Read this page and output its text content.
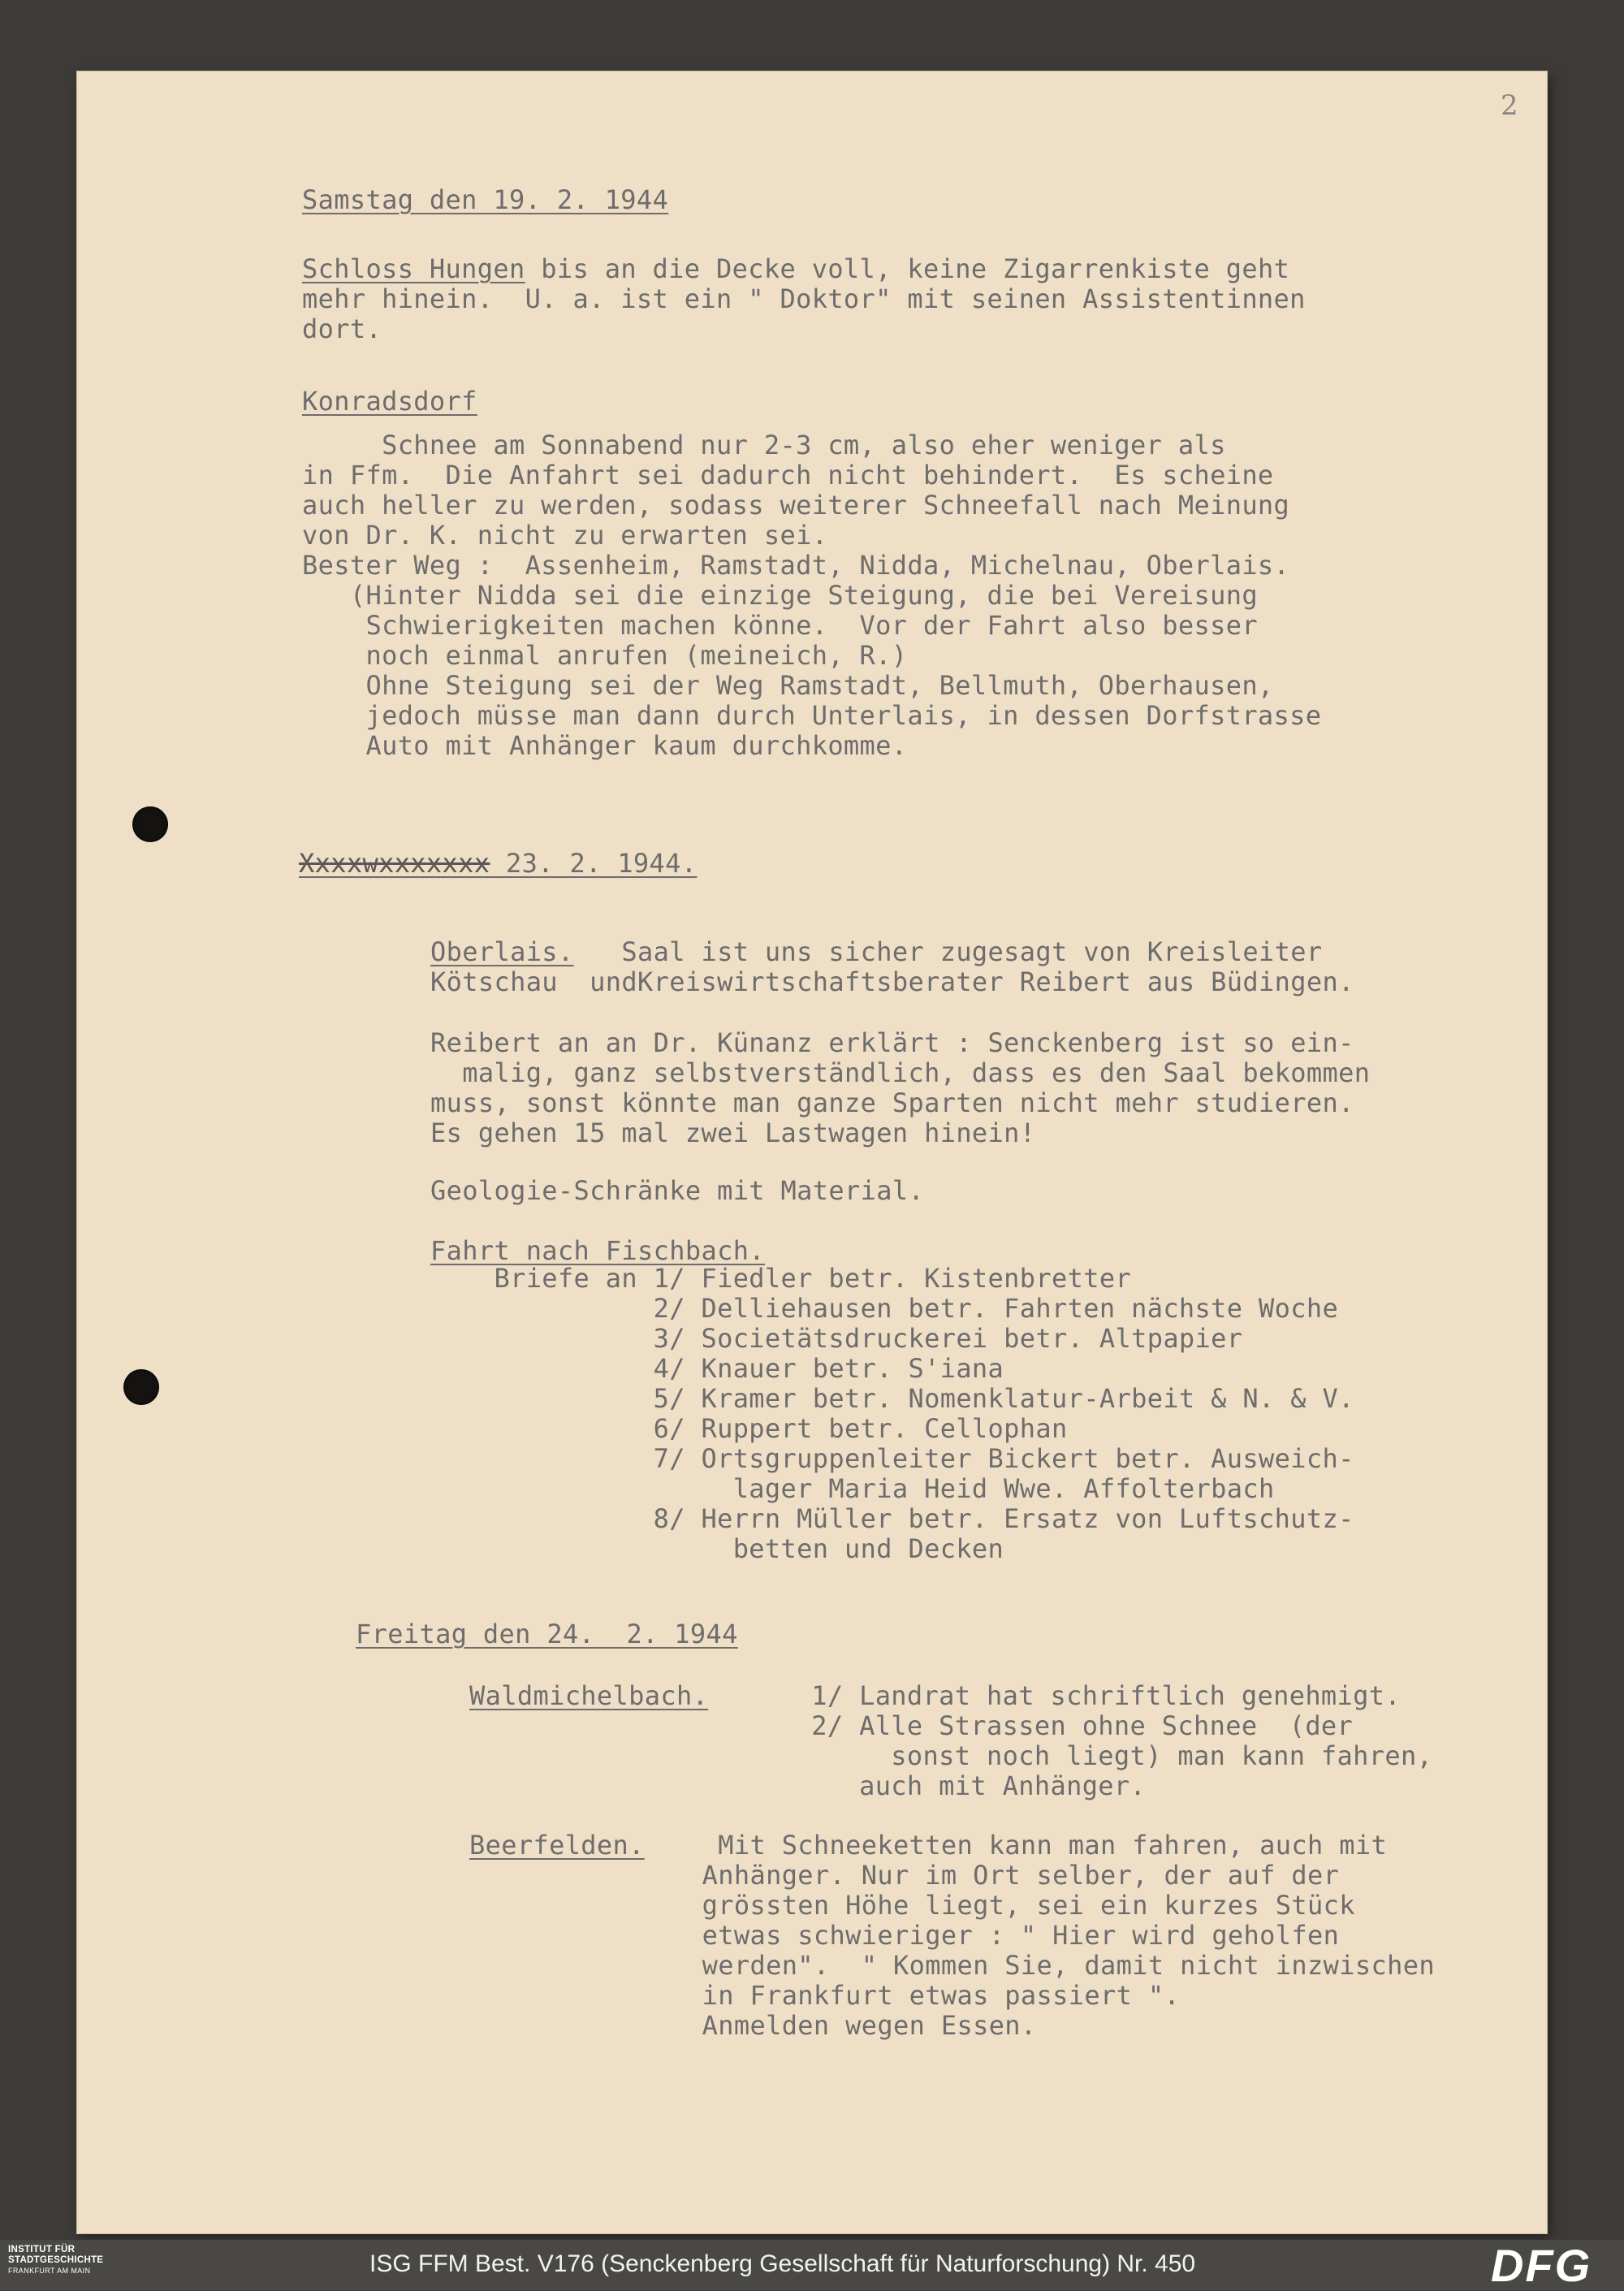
2
Samstag den 19. 2. 1944
Schloss Hungen bis an die Decke voll, keine Zigarrenkiste geht
mehr hinein.  U. a. ist ein " Doktor" mit seinen Assistentinnen
dort.
Konradsdorf
Schnee am Sonnabend nur 2-3 cm, also eher weniger als
in Ffm.  Die Anfahrt sei dadurch nicht behindert.  Es scheine
auch heller zu werden, sodass weiterer Schneefall nach Meinung
von Dr. K. nicht zu erwarten sei.
Bester Weg :  Assenheim, Ramstadt, Nidda, Michelnau, Oberlais.
(Hinter Nidda sei die einzige Steigung, die bei Vereisung
Schwierigkeiten machen könne.  Vor der Fahrt also besser
noch einmal anrufen (meineich, R.)
Ohne Steigung sei der Weg Ramstadt, Bellmuth, Oberhausen,
jedoch müsse man dann durch Unterlais, in dessen Dorfstrasse
Auto mit Anhänger kaum durchkomme.
Xxxxwxxxxxxx 23. 2. 1944.
Oberlais.   Saal ist uns sicher zugesagt von Kreisleiter
Kötschau  undKreiswirtschaftsberater Reibert aus Büdingen.
Reibert an an Dr. Künanz erklärt : Senckenberg ist so ein-
malig, ganz selbstverständlich, dass es den Saal bekommen
muss, sonst könnte man ganze Sparten nicht mehr studieren.
Es gehen 15 mal zwei Lastwagen hinein!
Geologie-Schränke mit Material.
Fahrt nach Fischbach.
Briefe an 1/ Fiedler betr. Kistenbretter
2/ Delliehausen betr. Fahrten nächste Woche
3/ Societätsdruckerei betr. Altpapier
4/ Knauer betr. S'iana
5/ Kramer betr. Nomenklatur-Arbeit & N. & V.
6/ Ruppert betr. Cellophan
7/ Ortsgruppenleiter Bickert betr. Ausweich-
lager Maria Heid Wwe. Affolterbach
8/ Herrn Müller betr. Ersatz von Luftschutz-
betten und Decken
Freitag den 24.  2. 1944
Waldmichelbach.	1/ Landrat hat schriftlich genehmigt.
2/ Alle Strassen ohne Schnee  (der
sonst noch liegt) man kann fahren,
auch mit Anhänger.
Beerfelden. Mit Schneeketten kann man fahren, auch mit
Anhänger. Nur im Ort selber, der auf der
grössten Höhe liegt, sei ein kurzes Stück
etwas schwieriger : " Hier wird geholfen
werden".  " Kommen Sie, damit nicht inzwischen
in Frankfurt etwas passiert ".
Anmelden wegen Essen.
INSTITUT FÜR
STADTGESCHICHTE
FRANKFURT AM MAIN	ISG FFM Best. V176 (Senckenberg Gesellschaft für Naturforschung) Nr. 450	DFG
